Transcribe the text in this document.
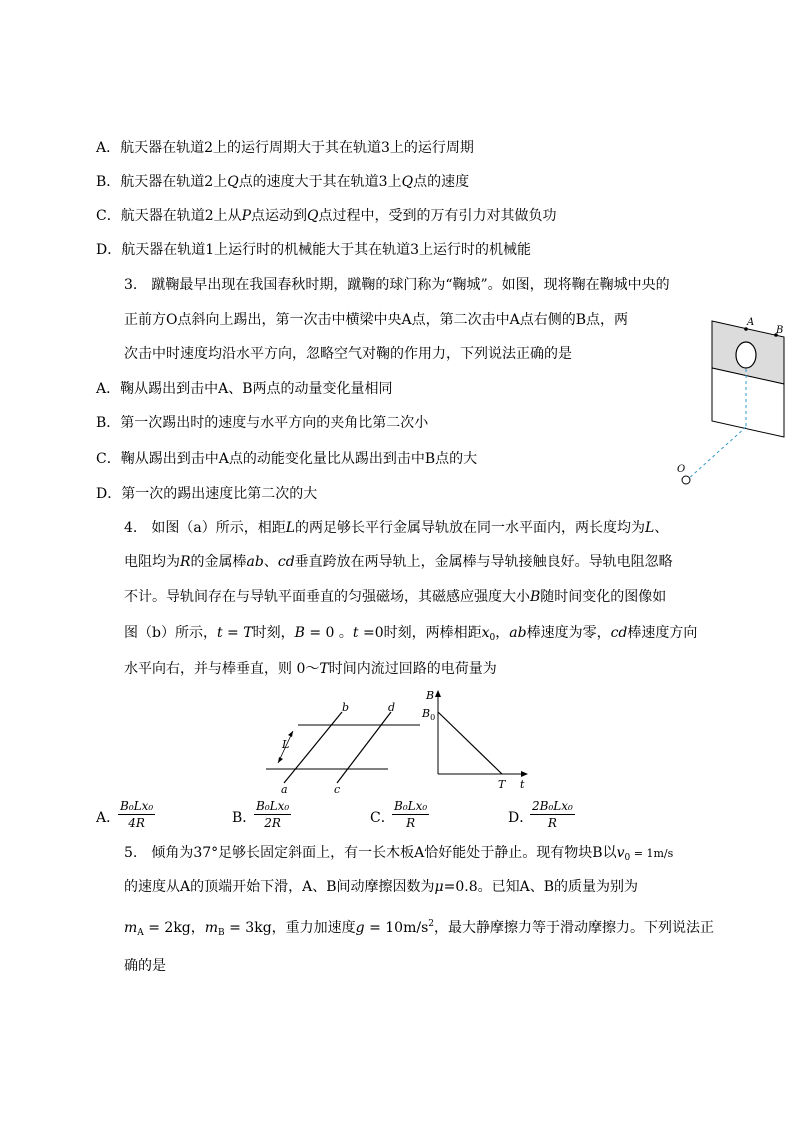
A．航天器在轨道2上的运行周期大于其在轨道3上的运行周期
B．航天器在轨道2上Q点的速度大于其在轨道3上Q点的速度
C．航天器在轨道2上从P点运动到Q点过程中，受到的万有引力对其做负功
D．航天器在轨道1上运行时的机械能大于其在轨道3上运行时的机械能
3.　蹴鞠最早出现在我国春秋时期，蹴鞠的球门称为“鞠城”。如图，现将鞠在鞠城中央的
正前方O点斜向上踢出，第一次击中横梁中央A点，第二次击中A点右侧的B点，两
次击中时速度均沿水平方向，忽略空气对鞠的作用力，下列说法正确的是
A．鞠从踢出到击中A、B两点的动量变化量相同
B．第一次踢出时的速度与水平方向的夹角比第二次小
C．鞠从踢出到击中A点的动能变化量比从踢出到击中B点的大
D．第一次的踢出速度比第二次的大
A
B
O
4.　如图（a）所示，相距L的两足够长平行金属导轨放在同一水平面内，两长度均为L、
电阻均为R的金属棒ab、cd垂直跨放在两导轨上，金属棒与导轨接触良好。导轨电阻忽略
不计。导轨间存在与导轨平面垂直的匀强磁场，其磁感应强度大小B随时间变化的图像如
图（b）所示，t = T时刻，B = 0 。t =0时刻，两棒相距$x_0$，ab棒速度为零，cd棒速度方向
水平向右，并与棒垂直，则 0～T时间内流过回路的电荷量为
b	d
a	c
L
B
$B_0$
T t
A．
$\frac{\text{B₀Lx₀}}{4R}$	B．
$\frac{\text{B₀Lx₀}}{2R}$	C．
$\frac{\text{B₀Lx₀}}{R}$	D．
$\frac{\text{2B₀Lx₀}}{R}$
5.　倾角为37°足够长固定斜面上，有一长木板A恰好能处于静止。现有物块B以$v_0 = 1m/s$
的速度从A的顶端开始下滑，A、B间动摩擦因数为μ=0.8。已知A、B的质量为别为
$m_A = 2kg$，$m_B = 3kg$，重力加速度$g = 10m/s^2$，最大静摩擦力等于滑动摩擦力。下列说法正
确的是
